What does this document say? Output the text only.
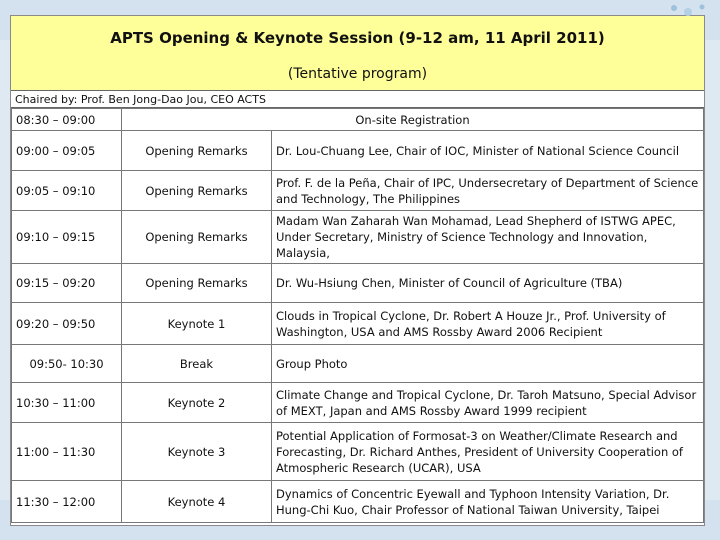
APTS Opening & Keynote Session (9-12 am, 11 April 2011)
(Tentative program)
Chaired by: Prof. Ben Jong-Dao Jou, CEO ACTS
08:30 – 09:00	On-site Registration	
09:00 – 09:05	Opening Remarks	Dr. Lou-Chuang Lee, Chair of IOC, Minister of National Science Council
09:05 – 09:10	Opening Remarks	Prof. F. de la Peña, Chair of IPC, Undersecretary of Department of Science and Technology, The Philippines
09:10 – 09:15	Opening Remarks	Madam Wan Zaharah Wan Mohamad, Lead Shepherd of ISTWG APEC, Under Secretary, Ministry of Science Technology and Innovation, Malaysia,
09:15 – 09:20	Opening Remarks	Dr. Wu-Hsiung Chen, Minister of Council of Agriculture (TBA)
09:20 – 09:50	Keynote 1	Clouds in Tropical Cyclone, Dr. Robert A Houze Jr., Prof. University of Washington, USA and AMS Rossby Award 2006 Recipient
09:50- 10:30	Break	Group Photo
10:30 – 11:00	Keynote 2	Climate Change and Tropical Cyclone, Dr. Taroh Matsuno, Special Advisor of MEXT, Japan and AMS Rossby Award 1999 recipient
11:00 – 11:30	Keynote 3	Potential Application of Formosat-3 on Weather/Climate Research and Forecasting, Dr. Richard Anthes, President of University Cooperation of Atmospheric Research (UCAR), USA
11:30 – 12:00	Keynote 4	Dynamics of Concentric Eyewall and Typhoon Intensity Variation, Dr. Hung-Chi Kuo, Chair Professor of National Taiwan University, Taipei
